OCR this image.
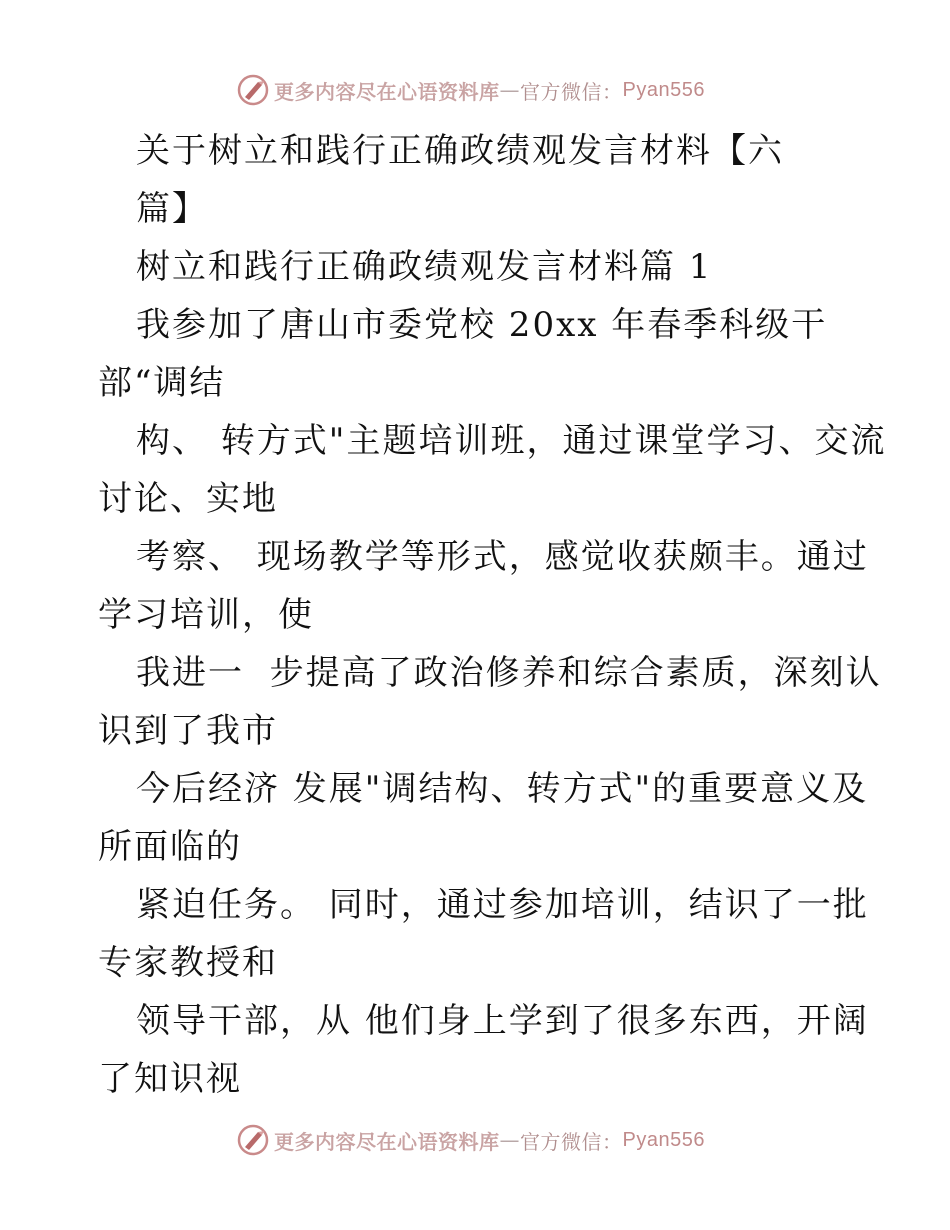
更多内容尽在心语资料库 — 官方微信： Pyan556
关于树立和践行正确政绩观发言材料【六
篇】
树立和践行正确政绩观发言材料篇 1
我参加了唐山市委党校 20xx 年春季科级干
部“调结
构、 转方式"主题培训班，通过课堂学习、交流
讨论、实地
考察、 现场教学等形式，感觉收获颇丰。通过
学习培训，使
我进一  步提高了政治修养和综合素质，深刻认
识到了我市
今后经济 发展"调结构、转方式"的重要意义及
所面临的
紧迫任务。 同时，通过参加培训，结识了一批
专家教授和
领导干部，从 他们身上学到了很多东西，开阔
了知识视
更多内容尽在心语资料库 — 官方微信： Pyan556
